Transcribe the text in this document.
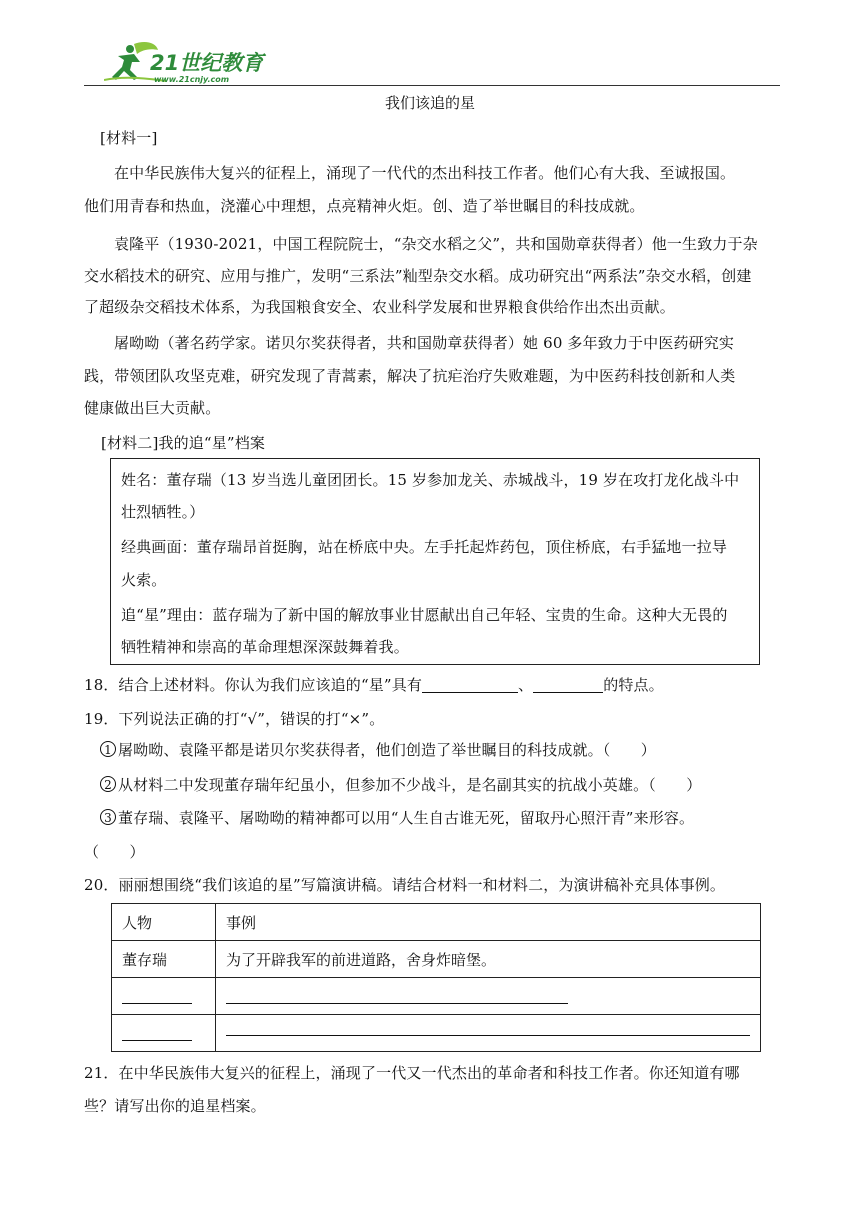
21世纪教育
www.21cnjy.com
我们该追的星
[材料一]
在中华民族伟大复兴的征程上，涌现了一代代的杰出科技工作者。他们心有大我、至诚报国。
他们用青春和热血，浇灌心中理想，点亮精神火炬。创、造了举世瞩目的科技成就。
袁隆平（1930-2021，中国工程院院士，“杂交水稻之父”，共和国勋章获得者）他一生致力于杂
交水稻技术的研究、应用与推广，发明“三系法”籼型杂交水稻。成功研究出“两系法”杂交水稻，创建
了超级杂交稻技术体系，为我国粮食安全、农业科学发展和世界粮食供给作出杰出贡献。
屠呦呦（著名药学家。诺贝尔奖获得者，共和国勋章获得者）她 60 多年致力于中医药研究实
践，带领团队攻坚克难，研究发现了青蒿素，解决了抗疟治疗失败难题，为中医药科技创新和人类
健康做出巨大贡献。
[材料二]我的追“星”档案
姓名：董存瑞（13 岁当选儿童团团长。15 岁参加龙关、赤城战斗，19 岁在攻打龙化战斗中
壮烈牺牲。）
经典画面：董存瑞昂首挺胸，站在桥底中央。左手托起炸药包，顶住桥底，右手猛地一拉导
火索。
追“星”理由：蓝存瑞为了新中国的解放事业甘愿献出自己年轻、宝贵的生命。这种大无畏的
牺牲精神和崇高的革命理想深深鼓舞着我。
18．结合上述材料。你认为我们应该追的“星”具有	、	的特点。
19．下列说法正确的打“√”，错误的打“×”。
1 屠呦呦、袁隆平都是诺贝尔奖获得者，他们创造了举世瞩目的科技成就。（　　）
2 从材料二中发现董存瑞年纪虽小，但参加不少战斗，是名副其实的抗战小英雄。（　　）
3 董存瑞、袁隆平、屠呦呦的精神都可以用“人生自古谁无死，留取丹心照汗青”来形容。
（　　）
20．丽丽想围绕“我们该追的星”写篇演讲稿。请结合材料一和材料二，为演讲稿补充具体事例。
人物	事例
董存瑞	为了开辟我军的前进道路，舍身炸暗堡。

21．在中华民族伟大复兴的征程上，涌现了一代又一代杰出的革命者和科技工作者。你还知道有哪
些？请写出你的追星档案。
